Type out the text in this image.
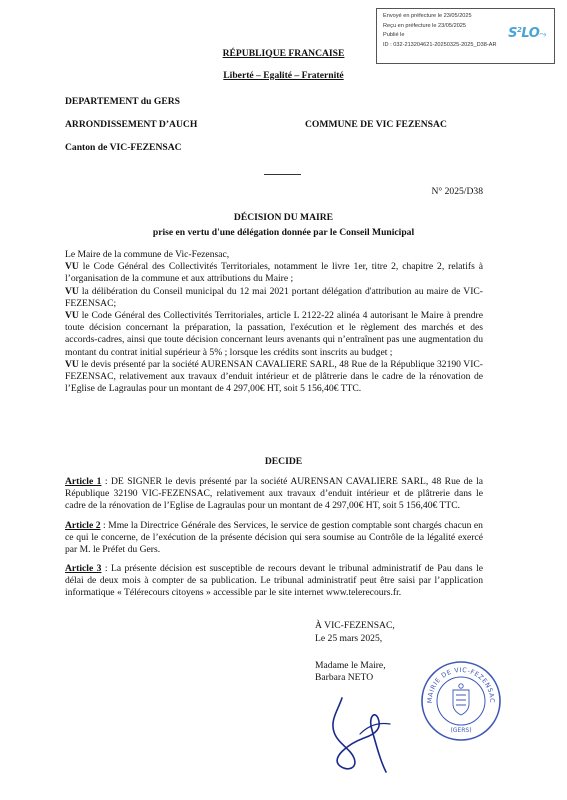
Envoyé en préfecture le 23/05/2025
Reçu en préfecture le 23/05/2025
Publié le
ID : 032-213204621-20250325-2025_D38-AR
$S^2LO⤳$
RÉPUBLIQUE FRANCAISE
Liberté – Egalité – Fraternité
DEPARTEMENT du GERS
ARRONDISSEMENT D’AUCH	COMMUNE DE VIC FEZENSAC
Canton de VIC-FEZENSAC
N° 2025/D38
DÉCISION DU MAIRE
prise en vertu d'une délégation donnée par le Conseil Municipal

Le Maire de la commune de Vic-Fezensac,

VU le Code Général des Collectivités Territoriales, notamment le livre 1er, titre 2, chapitre 2, relatifs à l’organisation de la commune et aux attributions du Maire ;

VU la délibération du Conseil municipal du 12 mai 2021 portant délégation d'attribution au maire de VIC-FEZENSAC;

VU le Code Général des Collectivités Territoriales, article L 2122-22 alinéa 4 autorisant le Maire à prendre toute décision concernant la préparation, la passation, l'exécution et le règlement des marchés et des accords-cadres, ainsi que toute décision concernant leurs avenants qui n’entraînent pas une augmentation du montant du contrat initial supérieur à 5% ; lorsque les crédits sont inscrits au budget ;

VU le devis présenté par la société AURENSAN CAVALIERE SARL, 48 Rue de la République 32190 VIC-FEZENSAC, relativement aux travaux d’enduit intérieur et de plâtrerie dans le cadre de la rénovation de l’Eglise de Lagraulas pour un montant de 4 297,00€ HT, soit 5 156,40€ TTC.

DECIDE

Article 1 : DE SIGNER le devis présenté par la société AURENSAN CAVALIERE SARL, 48 Rue de la République 32190 VIC-FEZENSAC, relativement aux travaux d’enduit intérieur et de plâtrerie dans le cadre de la rénovation de l’Eglise de Lagraulas pour un montant de 4 297,00€ HT, soit 5 156,40€ TTC.

Article 2 : Mme la Directrice Générale des Services, le service de gestion comptable sont chargés chacun en ce qui le concerne, de l’exécution de la présente décision qui sera soumise au Contrôle de la légalité exercé par M. le Préfet du Gers.

Article 3 : La présente décision est susceptible de recours devant le tribunal administratif de Pau dans le délai de deux mois à compter de sa publication. Le tribunal administratif peut être saisi par l’application informatique « Télérecours citoyens » accessible par le site internet www.telerecours.fr.

À VIC-FEZENSAC,
Le 25 mars 2025,
Madame le Maire,
Barbara NETO
MAIRIE DE VIC-FEZENSAC
(GERS)
